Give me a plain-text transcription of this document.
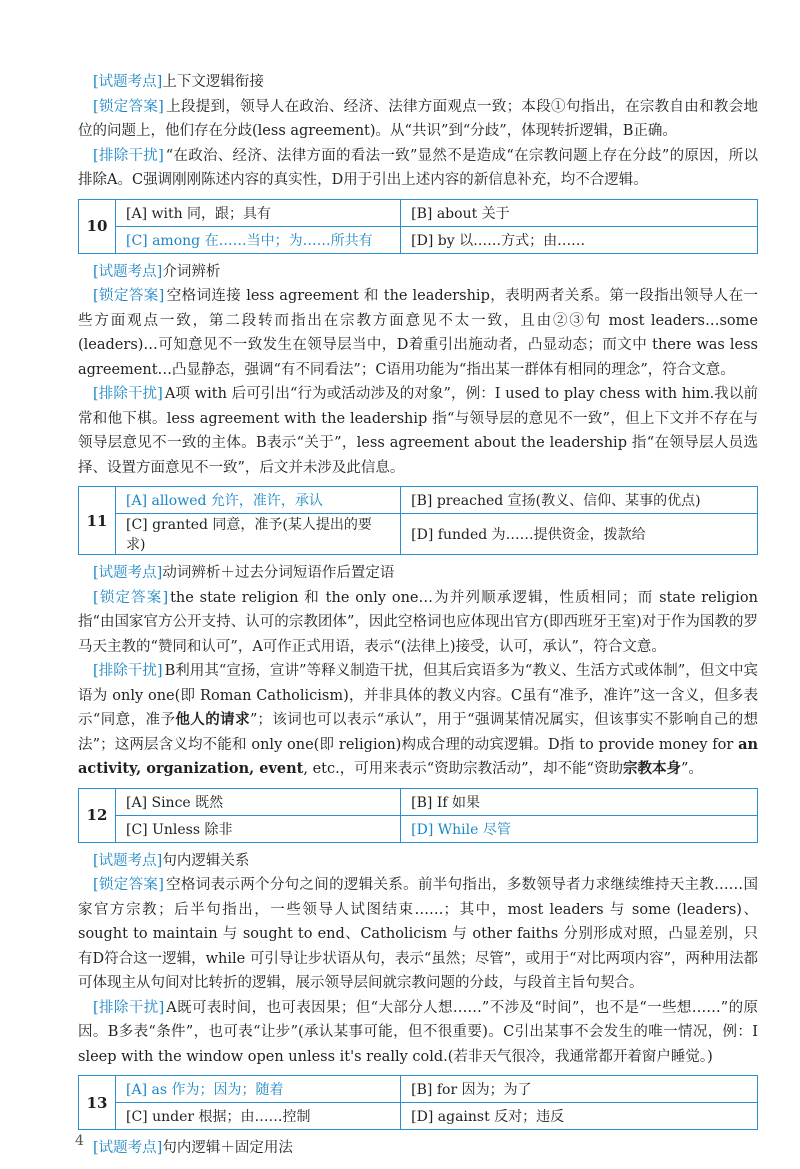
[试题考点]上下文逻辑衔接

[锁定答案] 上段提到，领导人在政治、经济、法律方面观点一致；本段①句指出，在宗教自由和教会地位的问题上，他们存在分歧(less agreement)。从“共识”到“分歧”，体现转折逻辑，B正确。

[排除干扰] “在政治、经济、法律方面的看法一致”显然不是造成“在宗教问题上存在分歧”的原因，所以排除A。C强调刚刚陈述内容的真实性，D用于引出上述内容的新信息补充，均不合逻辑。

10	[A] with 同，跟；具有	[B] about 关于
	[C] among 在……当中；为……所共有	[D] by 以……方式；由……

[试题考点]介词辨析

[锁定答案] 空格词连接 less agreement 和 the leadership，表明两者关系。第一段指出领导人在一些方面观点一致，第二段转而指出在宗教方面意见不太一致，且由②③句 most leaders…some (leaders)…可知意见不一致发生在领导层当中，D着重引出施动者，凸显动态；而文中 there was less agreement…凸显静态，强调“有不同看法”；C语用功能为“指出某一群体有相同的理念”，符合文意。

[排除干扰] A项 with 后可引出“行为或活动涉及的对象”，例：I used to play chess with him.我以前常和他下棋。less agreement with the leadership 指“与领导层的意见不一致”，但上下文并不存在与领导层意见不一致的主体。B表示“关于”，less agreement about the leadership 指“在领导层人员选择、设置方面意见不一致”，后文并未涉及此信息。

11	[A] allowed 允许，准许，承认	[B] preached 宣扬(教义、信仰、某事的优点)
	[C] granted 同意，准予(某人提出的要求)	[D] funded 为……提供资金，拨款给

[试题考点]动词辨析＋过去分词短语作后置定语

[锁定答案] the state religion 和 the only one…为并列顺承逻辑，性质相同；而 state religion 指“由国家官方公开支持、认可的宗教团体”，因此空格词也应体现出官方(即西班牙王室)对于作为国教的罗马天主教的“赞同和认可”，A可作正式用语，表示“(法律上)接受，认可，承认”，符合文意。

[排除干扰] B利用其“宣扬，宣讲”等释义制造干扰，但其后宾语多为“教义、生活方式或体制”，但文中宾语为 only one(即 Roman Catholicism)，并非具体的教义内容。C虽有“准予，准许”这一含义，但多表示“同意，准予他人的请求”；该词也可以表示“承认”，用于“强调某情况属实，但该事实不影响自己的想法”；这两层含义均不能和 only one(即 religion)构成合理的动宾逻辑。D指 to provide money for an activity, organization, event, etc.，可用来表示“资助宗教活动”，却不能“资助宗教本身”。

12	[A] Since 既然	[B] If 如果
	[C] Unless 除非	[D] While 尽管

[试题考点]句内逻辑关系

[锁定答案] 空格词表示两个分句之间的逻辑关系。前半句指出，多数领导者力求继续维持天主教……国家官方宗教；后半句指出，一些领导人试图结束……；其中，most leaders 与 some (leaders)、sought to maintain 与 sought to end、Catholicism 与 other faiths 分别形成对照，凸显差别，只有D符合这一逻辑，while 可引导让步状语从句，表示“虽然；尽管”，或用于“对比两项内容”，两种用法都可体现主从句间对比转折的逻辑，展示领导层间就宗教问题的分歧，与段首主旨句契合。

[排除干扰] A既可表时间，也可表因果；但“大部分人想……”不涉及“时间”，也不是“一些想……”的原因。B多表“条件”，也可表“让步”(承认某事可能，但不很重要)。C引出某事不会发生的唯一情况，例：I sleep with the window open unless it's really cold.(若非天气很冷，我通常都开着窗户睡觉。)

13	[A] as 作为；因为；随着	[B] for 因为；为了
	[C] under 根据；由……控制	[D] against 反对；违反

[试题考点]句内逻辑＋固定用法

4
